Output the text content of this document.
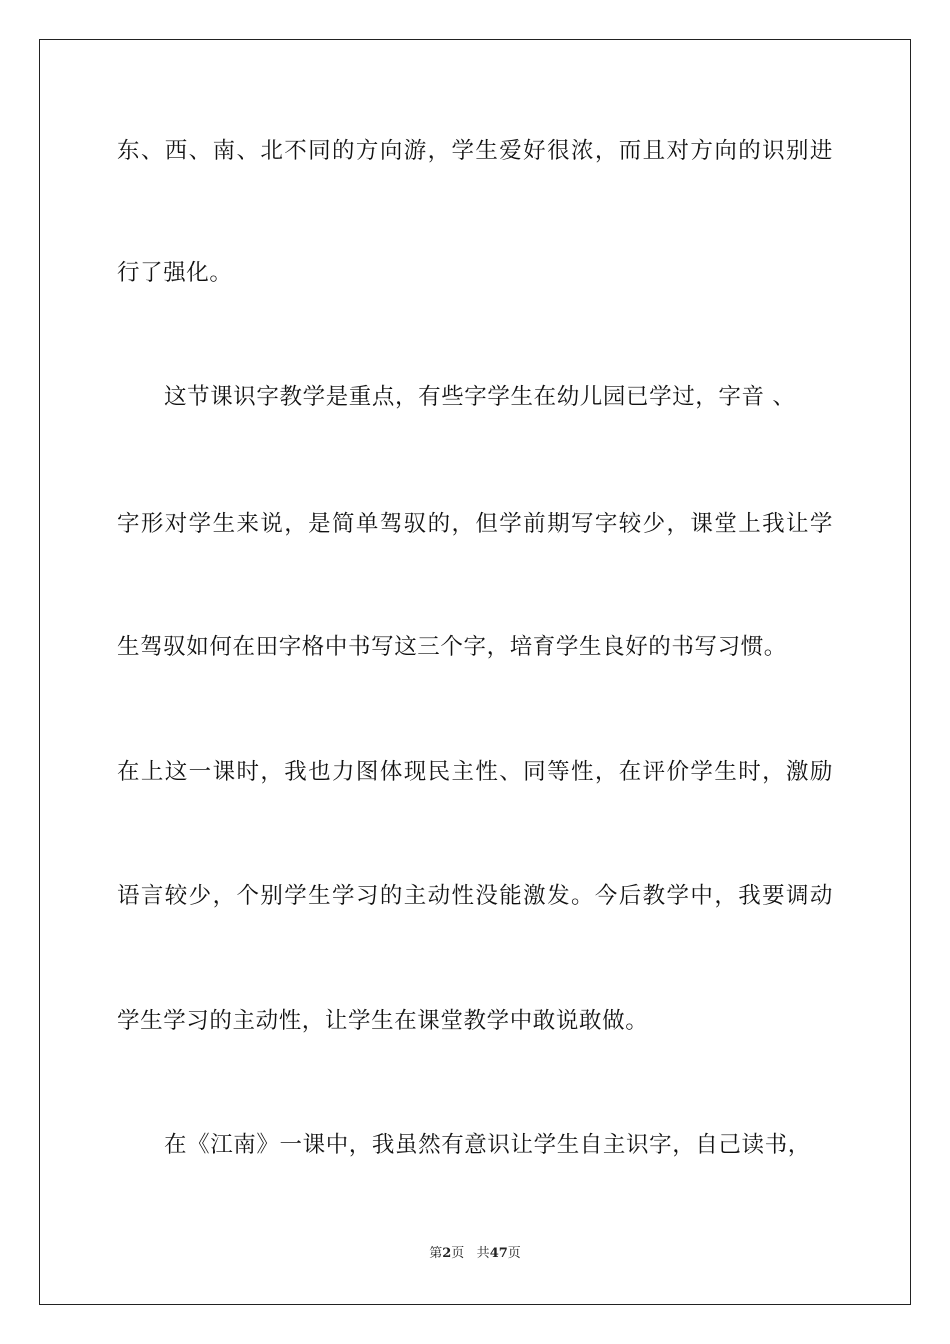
东、西、南、北不同的方向游，学生爱好很浓，而且对方向的识别进
行了强化。
这节课识字教学是重点，有些字学生在幼儿园已学过，字音 、
字形对学生来说，是简单驾驭的，但学前期写字较少，课堂上我让学
生驾驭如何在田字格中书写这三个字，培育学生良好的书写习惯。
在上这一课时，我也力图体现民主性、同等性，在评价学生时，激励
语言较少，个别学生学习的主动性没能激发。今后教学中，我要调动
学生学习的主动性，让学生在课堂教学中敢说敢做。
在《江南》一课中，我虽然有意识让学生自主识字，自己读书，
第2页 共47页
